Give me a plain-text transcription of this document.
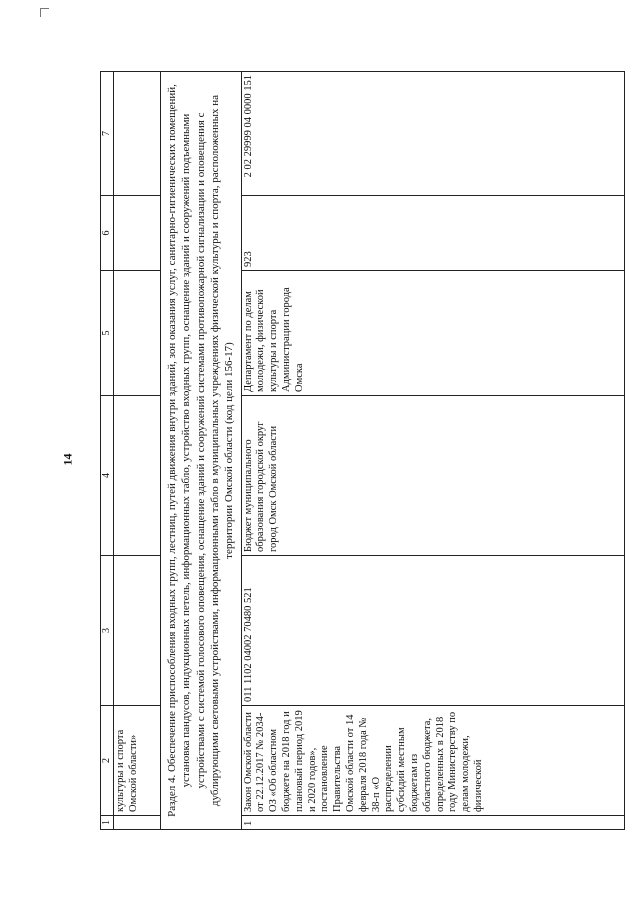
14
1	2	3	4	5	6	7
	культуры и спорта Омской области»					
Раздел 4. Обеспечение приспособления входных групп, лестниц, путей движения внутри зданий, зон оказания услуг, санитарно-гигиенических помещений, установка пандусов, индукционных петель, информационных табло, устройство входных групп, оснащение зданий и сооружений подъемными устройствами с системой голосового оповещения, оснащение зданий и сооружений системами противопожарной сигнализации и оповещения с дублирующими световыми устройствами, информационными табло в муниципальных учреждениях физической культуры и спорта, расположенных на территории Омской области (код цели 156-17)						
1	Закон Омской области от 22.12.2017 № 2034-ОЗ «Об областном бюджете на 2018 год и плановый период 2019 и 2020 годов», постановление Правительства Омской области от 14 февраля 2018 года № 38-п «О распределении субсидий местным бюджетам из областного бюджета, определенных в 2018 году Министерству по делам молодежи, физической	011 1102 04002 70480 521	Бюджет муниципального образования городской округ город Омск Омской области	Департамент по делам молодежи, физической культуры и спорта Администрации города Омска	923	2 02 29999 04 0000 151
